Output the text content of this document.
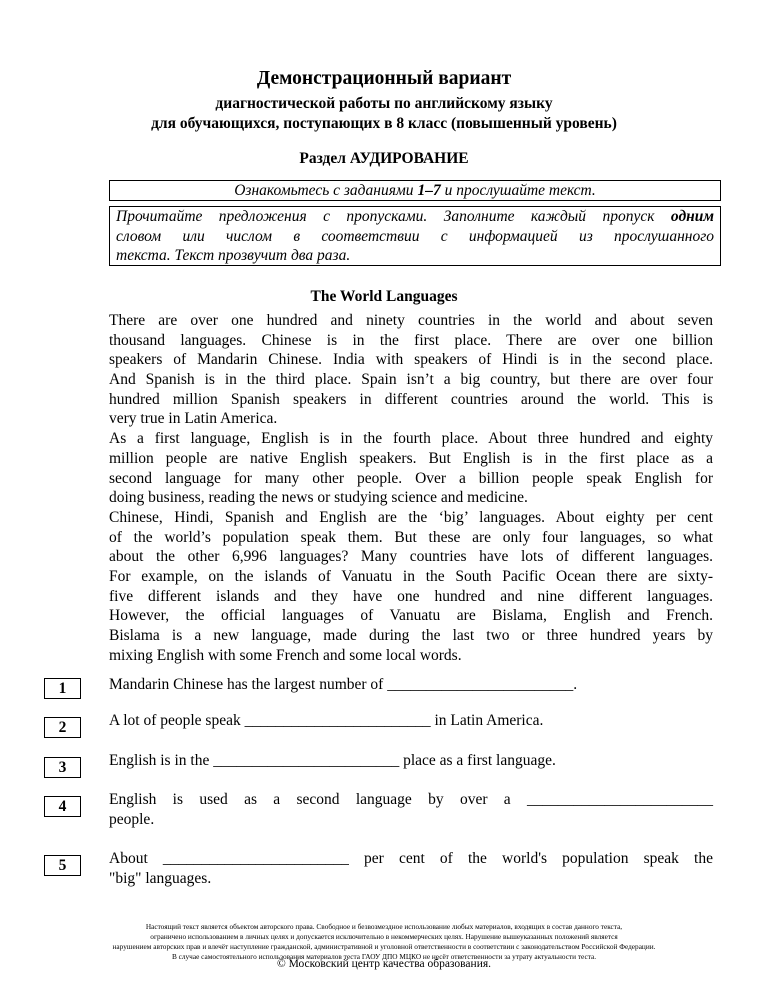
Демонстрационный вариант
диагностической работы по английскому языку
для обучающихся, поступающих в 8 класс (повышенный уровень)
Раздел АУДИРОВАНИЕ
Ознакомьтесь с заданиями 1–7 и прослушайте текст.
Прочитайте предложения с пропусками. Заполните каждый пропуск одним
словом или числом в соответствии с информацией из прослушанного
текста. Текст прозвучит два раза.
The World Languages
There are over one hundred and ninety countries in the world and about seven
thousand languages. Chinese is in the first place. There are over one billion
speakers of Mandarin Chinese. India with speakers of Hindi is in the second place.
And Spanish is in the third place. Spain isn’t a big country, but there are over four
hundred million Spanish speakers in different countries around the world. This is
very true in Latin America.
As a first language, English is in the fourth place. About three hundred and eighty
million people are native English speakers. But English is in the first place as a
second language for many other people. Over a billion people speak English for
doing business, reading the news or studying science and medicine.
Chinese, Hindi, Spanish and English are the ‘big’ languages. About eighty per cent
of the world’s population speak them. But these are only four languages, so what
about the other 6,996 languages? Many countries have lots of different languages.
For example, on the islands of Vanuatu in the South Pacific Ocean there are sixty-
five different islands and they have one hundred and nine different languages.
However, the official languages of Vanuatu are Bislama, English and French.
Bislama is a new language, made during the last two or three hundred years by
mixing English with some French and some local words.
1	Mandarin Chinese has the largest number of ________________________.
2	A lot of people speak ________________________ in Latin America.
3	English is in the ________________________ place as a first language.
4	English is used as a second language by over a ________________________
people.
5	About ________________________ per cent of the world's population speak the
"big" languages.
Настоящий текст является объектом авторского права. Свободное и безвозмездное использование любых материалов, входящих в состав данного текста,
ограничено использованием в личных целях и допускается исключительно в некоммерческих целях. Нарушение вышеуказанных положений является
нарушением авторских прав и влечёт наступление гражданской, административной и уголовной ответственности в соответствии с законодательством Российской Федерации.
В случае самостоятельного использования материалов теста ГАОУ ДПО МЦКО не несёт ответственности за утрату актуальности теста.
© Московский центр качества образования.
